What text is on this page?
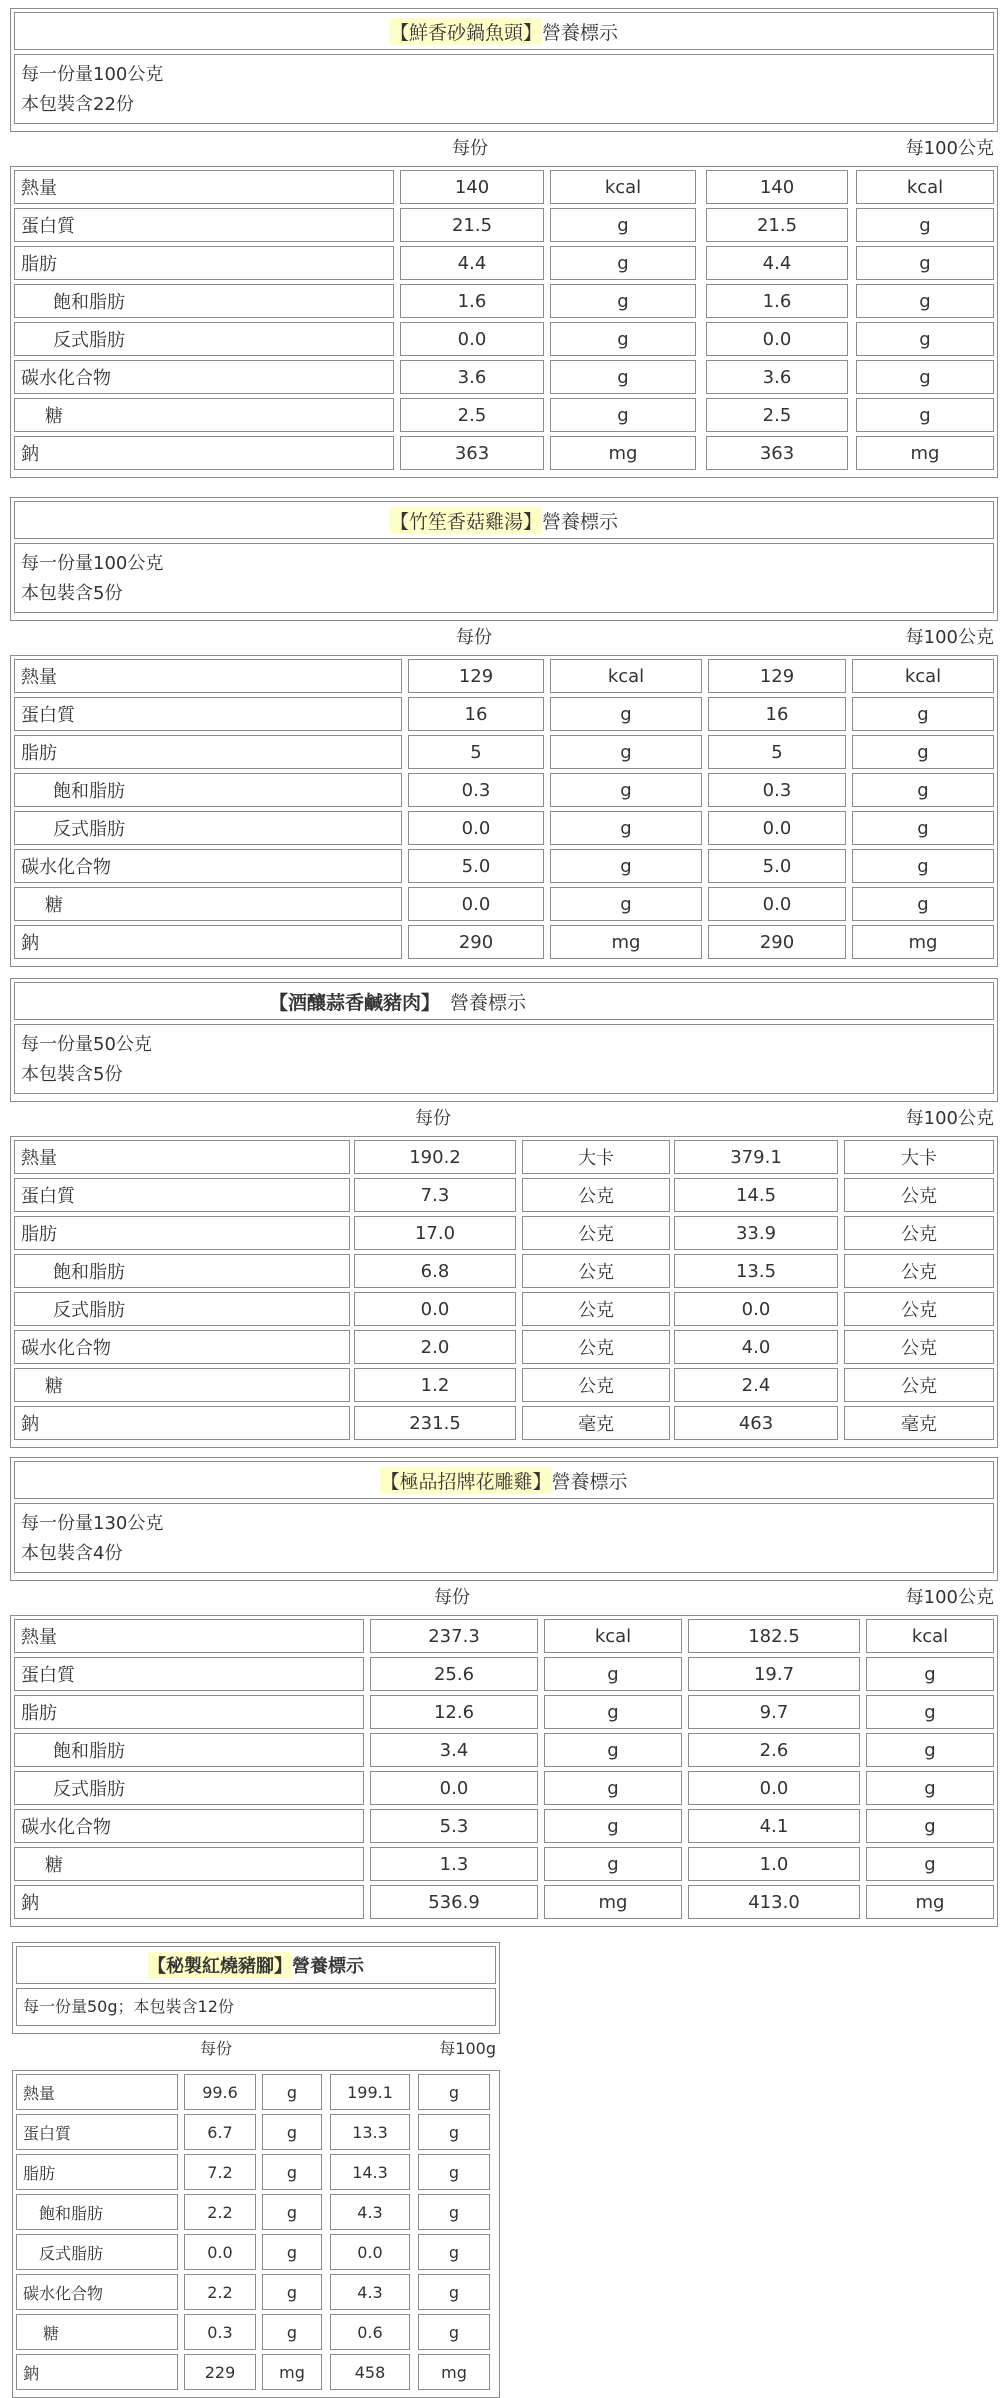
【鮮香砂鍋魚頭】 營養標示
每一份量100公克
本包裝含22份
每份	每100公克
熱量	140	kcal	140	kcal
蛋白質	21.5	g	21.5	g
脂肪	4.4	g	4.4	g
飽和脂肪	1.6	g	1.6	g
反式脂肪	0.0	g	0.0	g
碳水化合物	3.6	g	3.6	g
糖	2.5	g	2.5	g
鈉	363	mg	363	mg
【竹笙香菇雞湯】 營養標示
每一份量100公克
本包裝含5份
每份	每100公克
熱量	129	kcal	129	kcal
蛋白質	16	g	16	g
脂肪	5	g	5	g
飽和脂肪	0.3	g	0.3	g
反式脂肪	0.0	g	0.0	g
碳水化合物	5.0	g	5.0	g
糖	0.0	g	0.0	g
鈉	290	mg	290	mg
【酒釀蒜香鹹豬肉】 營養標示
每一份量50公克
本包裝含5份
每份	每100公克
熱量	190.2	大卡	379.1	大卡
蛋白質	7.3	公克	14.5	公克
脂肪	17.0	公克	33.9	公克
飽和脂肪	6.8	公克	13.5	公克
反式脂肪	0.0	公克	0.0	公克
碳水化合物	2.0	公克	4.0	公克
糖	1.2	公克	2.4	公克
鈉	231.5	毫克	463	毫克
【極品招牌花雕雞】 營養標示
每一份量130公克
本包裝含4份
每份	每100公克
熱量	237.3	kcal	182.5	kcal
蛋白質	25.6	g	19.7	g
脂肪	12.6	g	9.7	g
飽和脂肪	3.4	g	2.6	g
反式脂肪	0.0	g	0.0	g
碳水化合物	5.3	g	4.1	g
糖	1.3	g	1.0	g
鈉	536.9	mg	413.0	mg
【秘製紅燒豬腳】 營養標示
每一份量50g；本包裝含12份
每份	每100g
熱量	99.6	g	199.1	g
蛋白質	6.7	g	13.3	g
脂肪	7.2	g	14.3	g
飽和脂肪	2.2	g	4.3	g
反式脂肪	0.0	g	0.0	g
碳水化合物	2.2	g	4.3	g
糖	0.3	g	0.6	g
鈉	229	mg	458	mg
